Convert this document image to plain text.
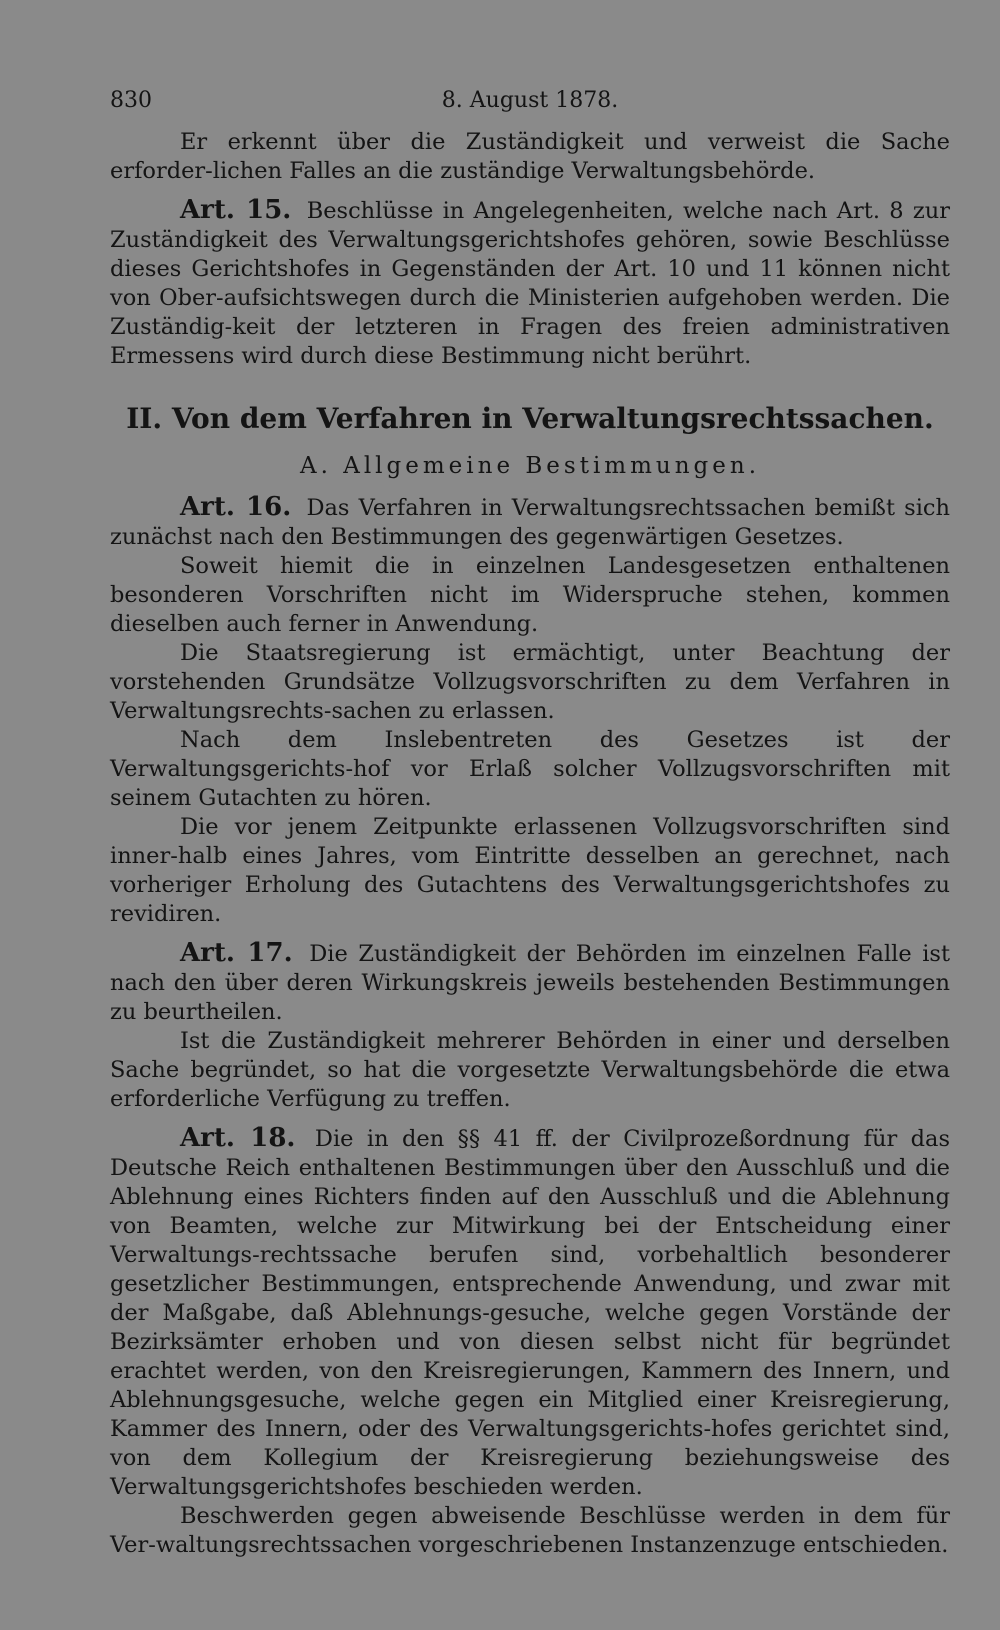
830	8. August 1878.

Er erkennt über die Zuständigkeit und verweist die Sache erforder-lichen Falles an die zuständige Verwaltungsbehörde.

Art. 15. Beschlüsse in Angelegenheiten, welche nach Art. 8 zur Zuständigkeit des Verwaltungsgerichtshofes gehören, sowie Beschlüsse dieses Gerichtshofes in Gegenständen der Art. 10 und 11 können nicht von Ober-aufsichtswegen durch die Ministerien aufgehoben werden. Die Zuständig-keit der letzteren in Fragen des freien administrativen Ermessens wird durch diese Bestimmung nicht berührt.

II. Von dem Verfahren in Verwaltungsrechtssachen.
A. Allgemeine Bestimmungen.

Art. 16. Das Verfahren in Verwaltungsrechtssachen bemißt sich zunächst nach den Bestimmungen des gegenwärtigen Gesetzes.

Soweit hiemit die in einzelnen Landesgesetzen enthaltenen besonderen Vorschriften nicht im Widerspruche stehen, kommen dieselben auch ferner in Anwendung.

Die Staatsregierung ist ermächtigt, unter Beachtung der vorstehenden Grundsätze Vollzugsvorschriften zu dem Verfahren in Verwaltungsrechts-sachen zu erlassen.

Nach dem Inslebentreten des Gesetzes ist der Verwaltungsgerichts-hof vor Erlaß solcher Vollzugsvorschriften mit seinem Gutachten zu hören.

Die vor jenem Zeitpunkte erlassenen Vollzugsvorschriften sind inner-halb eines Jahres, vom Eintritte desselben an gerechnet, nach vorheriger Erholung des Gutachtens des Verwaltungsgerichtshofes zu revidiren.

Art. 17. Die Zuständigkeit der Behörden im einzelnen Falle ist nach den über deren Wirkungskreis jeweils bestehenden Bestimmungen zu beurtheilen.

Ist die Zuständigkeit mehrerer Behörden in einer und derselben Sache begründet, so hat die vorgesetzte Verwaltungsbehörde die etwa erforderliche Verfügung zu treffen.

Art. 18. Die in den §§ 41 ff. der Civilprozeßordnung für das Deutsche Reich enthaltenen Bestimmungen über den Ausschluß und die Ablehnung eines Richters finden auf den Ausschluß und die Ablehnung von Beamten, welche zur Mitwirkung bei der Entscheidung einer Verwaltungs-rechtssache berufen sind, vorbehaltlich besonderer gesetzlicher Bestimmungen, entsprechende Anwendung, und zwar mit der Maßgabe, daß Ablehnungs-gesuche, welche gegen Vorstände der Bezirksämter erhoben und von diesen selbst nicht für begründet erachtet werden, von den Kreisregierungen, Kammern des Innern, und Ablehnungsgesuche, welche gegen ein Mitglied einer Kreisregierung, Kammer des Innern, oder des Verwaltungsgerichts-hofes gerichtet sind, von dem Kollegium der Kreisregierung beziehungsweise des Verwaltungsgerichtshofes beschieden werden.

Beschwerden gegen abweisende Beschlüsse werden in dem für Ver-waltungsrechtssachen vorgeschriebenen Instanzenzuge entschieden.
